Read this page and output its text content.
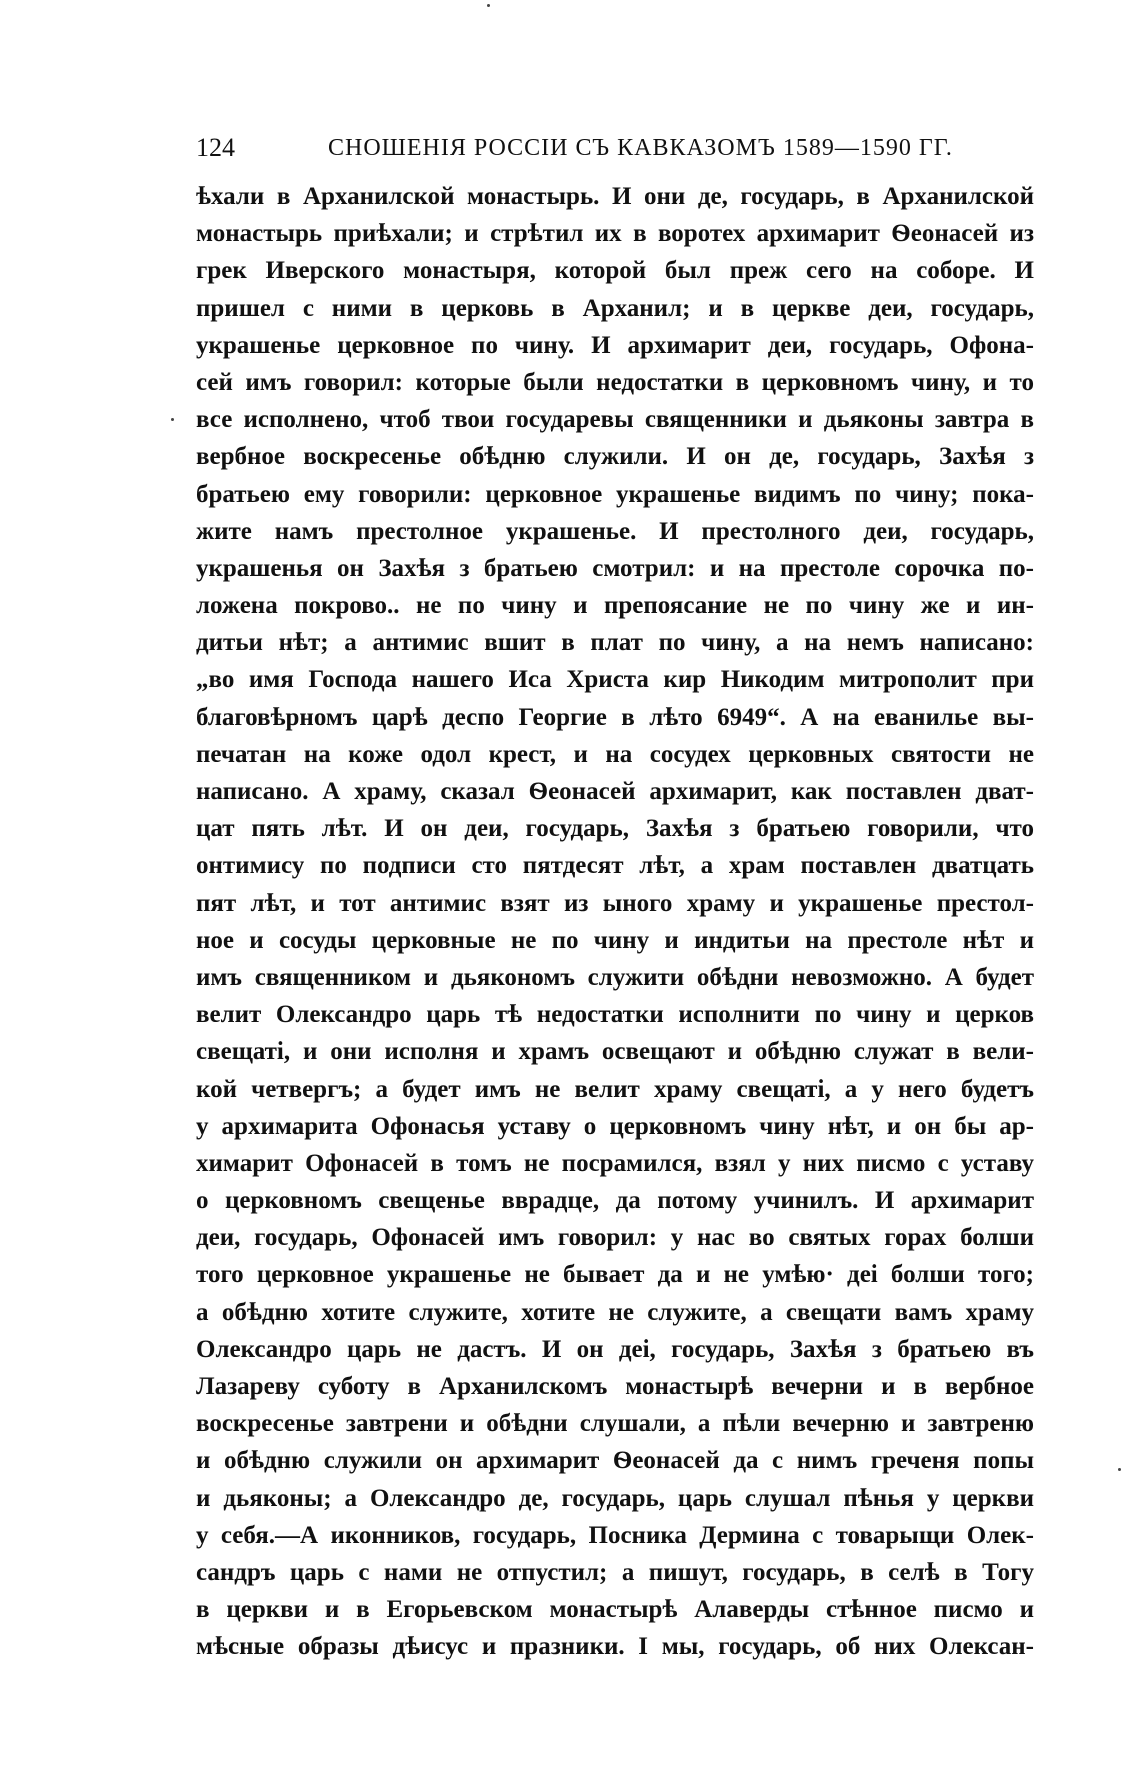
124	СНОШЕНІЯ РОССІИ СЪ КАВКАЗОМЪ 1589—1590 ГГ.
ѣхали в Арханилской монастырь. И они де, государь, в Арханилской
монастырь приѣхали; и стрѣтил их в воротех архимарит Ѳеонасей из
грек Иверского монастыря, которой был преж сего на соборе. И
пришел с ними в церковь в Арханил; и в церкве деи, государь,
украшенье церковное по чину. И архимарит деи, государь, Офона-
сей имъ говорил: которые были недостатки в церковномъ чину, и то
все исполнено, чтоб твои государевы священники и дьяконы завтра в
вербное воскресенье обѣдню служили. И он де, государь, Захѣя з
братьею ему говорили: церковное украшенье видимъ по чину; пока-
жите намъ престолное украшенье. И престолного деи, государь,
украшенья он Захѣя з братьею смотрил: и на престоле сорочка по-
ложена покрово.. не по чину и препоясание не по чину же и ин-
дитьи нѣт; а антимис вшит в плат по чину, а на немъ написано:
„во имя Господа нашего Иса Христа кир Никодим митрополит при
благовѣрномъ царѣ деспо Георгие в лѣто 6949“. А на еванилье вы-
печатан на коже одол крест, и на сосудех церковных святости не
написано. А храму, сказал Ѳеонасей архимарит, как поставлен дват-
цат пять лѣт. И он деи, государь, Захѣя з братьею говорили, что
онтимису по подписи сто пятдесят лѣт, а храм поставлен дватцать
пят лѣт, и тот антимис взят из ыного храму и украшенье престол-
ное и сосуды церковные не по чину и индитьи на престоле нѣт и
имъ священником и дьякономъ служити обѣдни невозможно. А будет
велит Олександро царь тѣ недостатки исполнити по чину и церков
свещаті, и они исполня и храмъ освещают и обѣдню служат в вели-
кой четвергъ; а будет имъ не велит храму свещаті, а у него будетъ
у архимарита Офонасья уставу о церковномъ чину нѣт, и он бы ар-
химарит Офонасей в томъ не посрамился, взял у них писмо с уставу
о церковномъ свещенье вврадце, да потому учинилъ. И архимарит
деи, государь, Офонасей имъ говорил: у нас во святых горах болши
того церковное украшенье не бывает да и не умѣю· деі болши того;
а обѣдню хотите служите, хотите не служите, а свещати вамъ храму
Олександро царь не дастъ. И он деі, государь, Захѣя з братьею въ
Лазареву суботу в Арханилскомъ монастырѣ вечерни и в вербное
воскресенье завтрени и обѣдни слушали, а пѣли вечерню и завтреню
и обѣдню служили он архимарит Ѳеонасей да с нимъ греченя попы
и дьяконы; а Олександро де, государь, царь слушал пѣнья у церкви
у себя.—А иконников, государь, Посника Дермина с товарыщи Олек-
сандръ царь с нами не отпустил; а пишут, государь, в селѣ в Тогу
в церкви и в Егорьевском монастырѣ Алаверды стѣнное писмо и
мѣсные образы дѣисус и празники. І мы, государь, об них Олексан-
